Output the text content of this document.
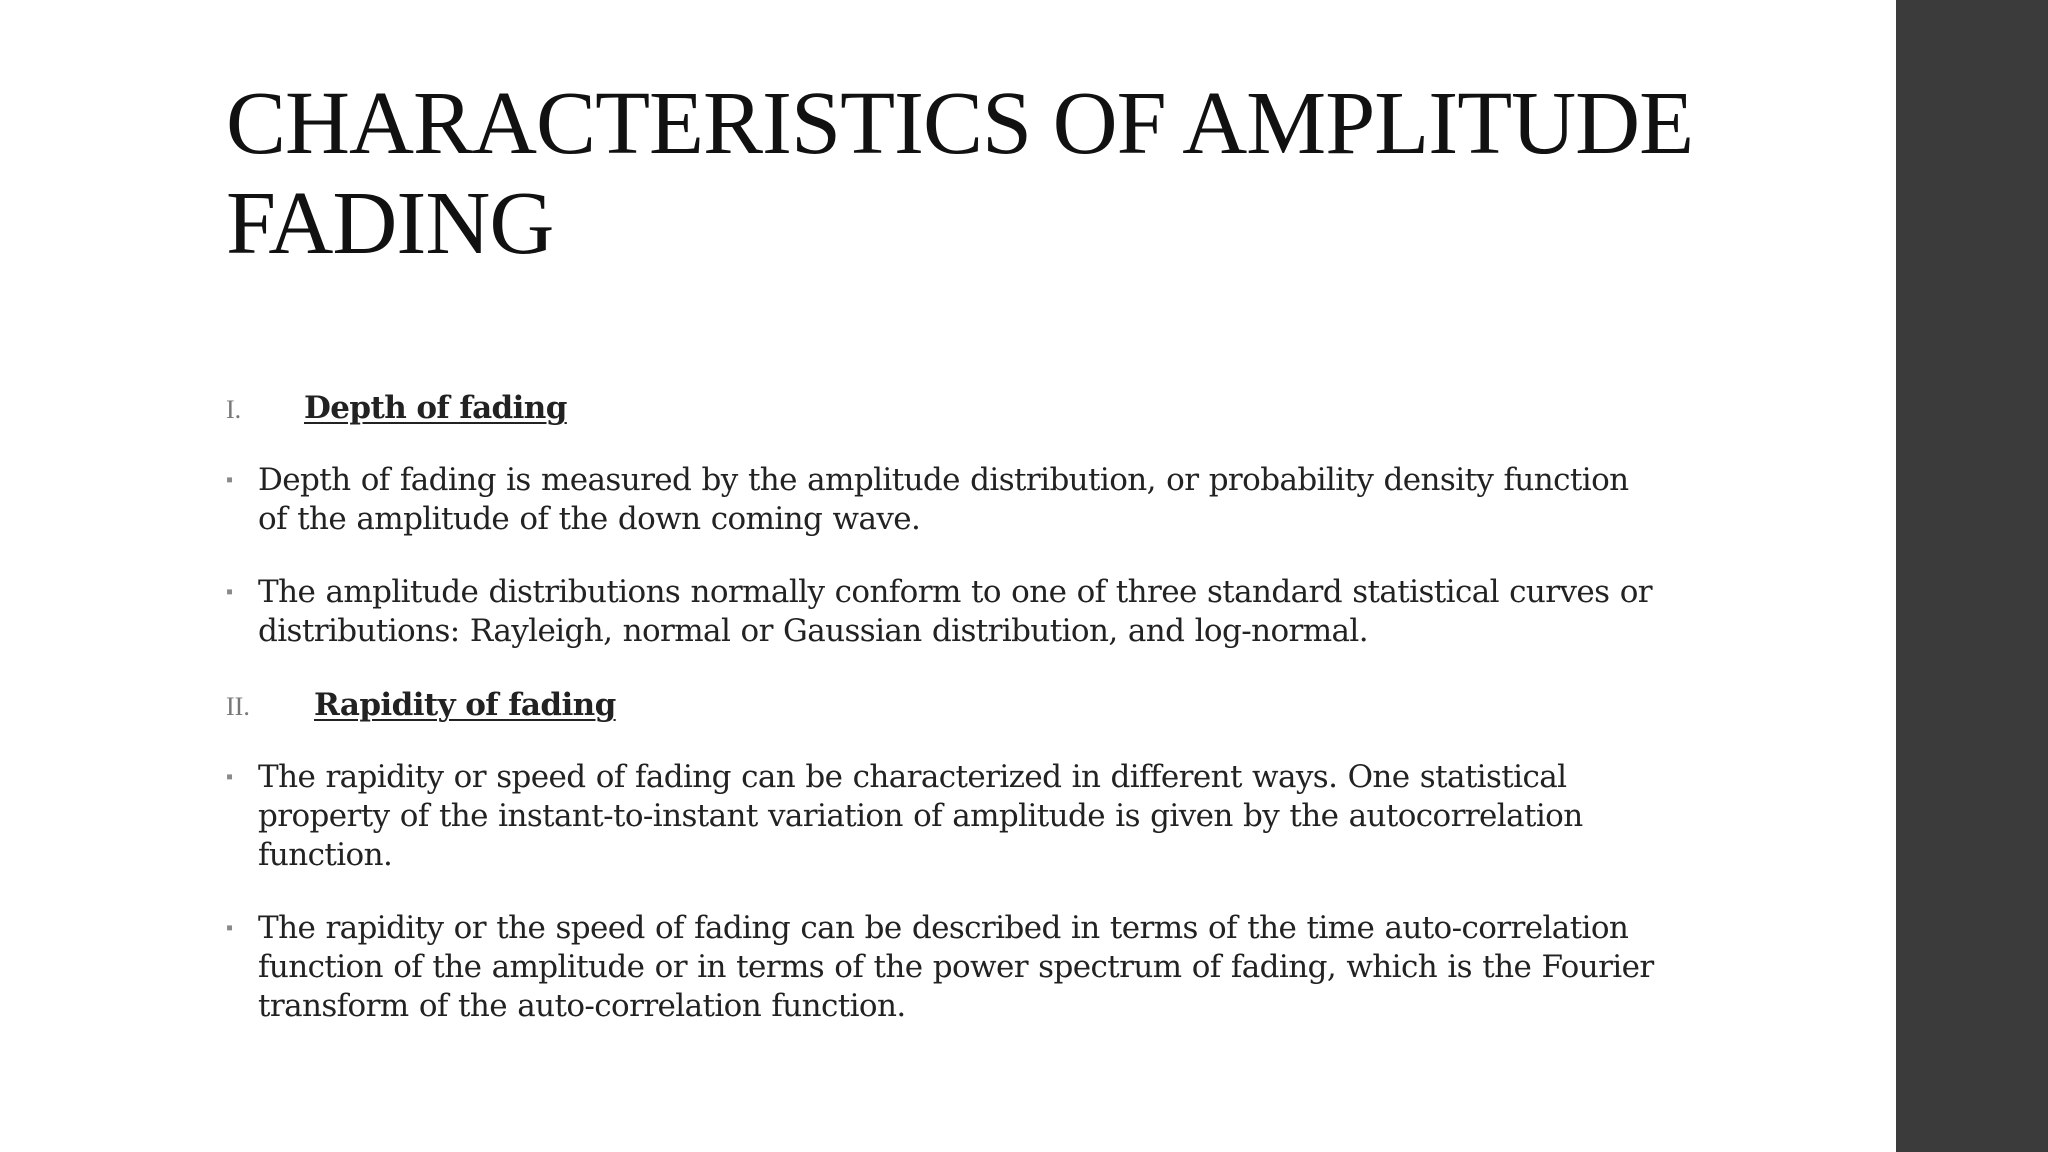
CHARACTERISTICS OF AMPLITUDE FADING
I.	Depth of fading
▪ Depth of fading is measured by the amplitude distribution, or probability density function of the amplitude of the down coming wave.
▪ The amplitude distributions normally conform to one of three standard statistical curves or distributions: Rayleigh, normal or Gaussian distribution, and log-normal.
II.	Rapidity of fading
▪ The rapidity or speed of fading can be characterized in different ways. One statistical property of the instant-to-instant variation of amplitude is given by the autocorrelation function.
▪ The rapidity or the speed of fading can be described in terms of the time auto-correlation function of the amplitude or in terms of the power spectrum of fading, which is the Fourier transform of the auto-correlation function.
